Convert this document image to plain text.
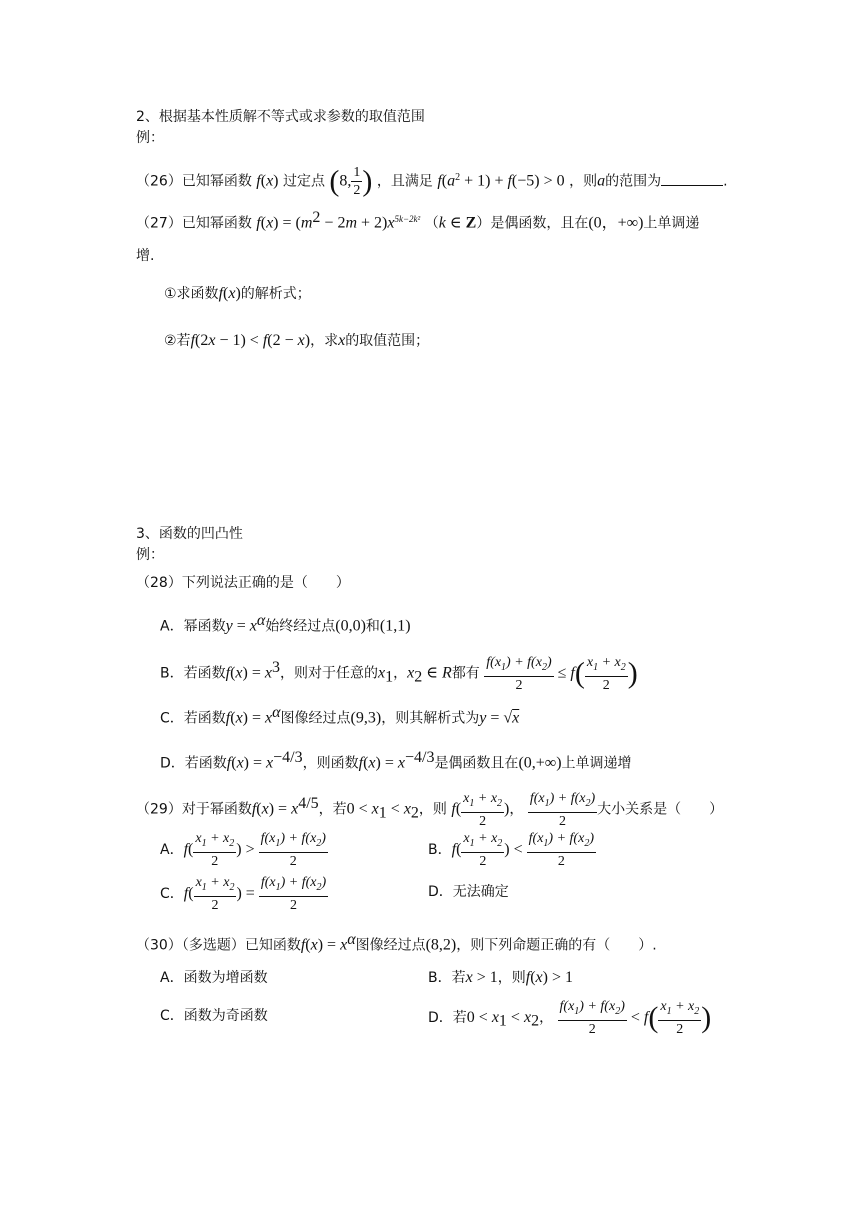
2、根据基本性质解不等式或求参数的取值范围
例：
（26）已知幂函数 f(x) 过定点 (8, $\frac{1}{2}$ ) ，且满足 $f(a^2 + 1) + f(-5) > 0$ ，则a的范围为	.
（27）已知幂函数 $f(x) = (m^2 - 2m + 2)x^{5k-2k^2}$ （k ∈ Z）是偶函数，且在(0，+∞)上单调递
增.
①求函数f(x)的解析式；
②若f(2x − 1) < f(2 − x)，求x的取值范围；
3、函数的凹凸性
例：
（28）下列说法正确的是（　　）
A．幂函数$y = x^\alpha$始终经过点(0,0)和(1,1)
B．若函数$f(x) = x^3$，则对于任意的$x_1$，$x_2$ ∈ R都有 $\frac{f(x_1) + f(x_2)}{2} \le f( \frac{x_1 + x_2}{2}$ )
C．若函数$f(x) = x^\alpha$图像经过点(9,3)，则其解析式为y = √x
D．若函数$f(x) = x^{-4/3}$，则函数$f(x) = x^{-4/3}$是偶函数且在(0,+∞)上单调递增
（29）对于幂函数$f(x) = x^{4/5}$，若$0 < x_1 < x_2$，则 $f( \frac{x_1 + x_2}{2}$ )， $\frac{f(x_1) + f(x_2)}{2}$ 大小关系是（　　）
A．$f( \frac{x_1 + x_2}{2}$ ) > $\frac{f(x_1) + f(x_2)}{2}$	B．$f( \frac{x_1 + x_2}{2}$ ) < $\frac{f(x_1) + f(x_2)}{2}$
C．$f( \frac{x_1 + x_2}{2}$ ) = $\frac{f(x_1) + f(x_2)}{2}$	D．无法确定
（30）（多选题）已知函数$f(x) = x^\alpha$图像经过点(8,2)，则下列命题正确的有（　　）.
A．函数为增函数	B．若x > 1，则f(x) > 1
C．函数为奇函数	D．若$0 < x_1 < x_2$， $\frac{f(x_1) + f(x_2)}{2} < f( \frac{x_1 + x_2}{2}$ )
